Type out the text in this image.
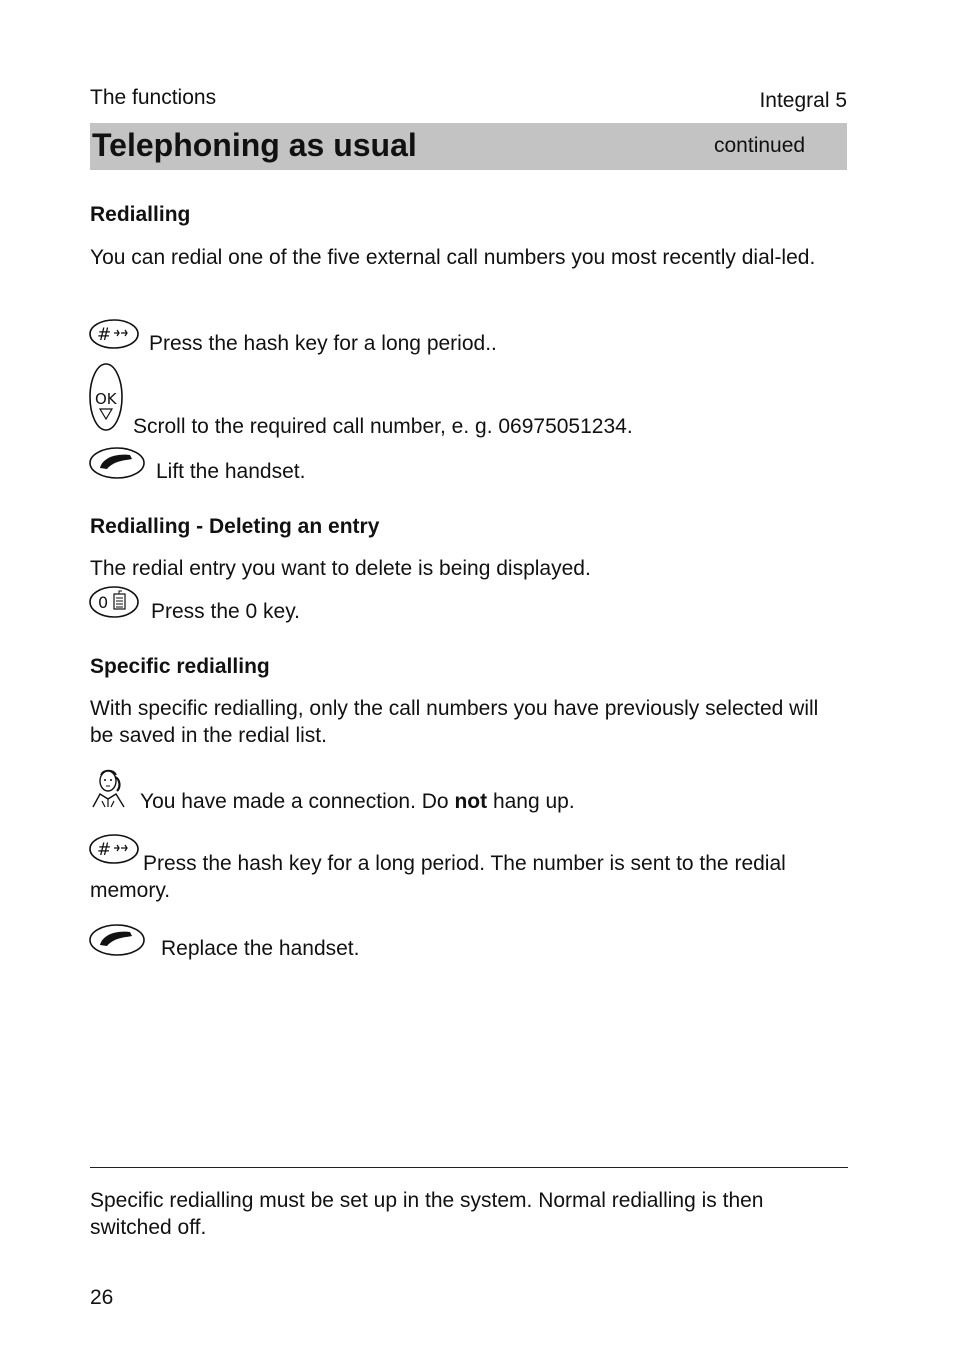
The functions	Integral 5
Telephoning as usual	continued
Redialling
You can redial one of the five external call numbers you most recently dial-led.
# Press the hash key for a long period..
OK
Scroll to the required call number, e. g. 06975051234.
Lift the handset.
Redialling - Deleting an entry
The redial entry you want to delete is being displayed.
0 Press the 0 key.
Specific redialling
With specific redialling, only the call numbers you have previously selected will be saved in the redial list.
You have made a connection. Do not hang up.
#
Press the hash key for a long period. The number is sent to the redial memory.
Replace the handset.
Specific redialling must be set up in the system. Normal redialling is then switched off.
26
